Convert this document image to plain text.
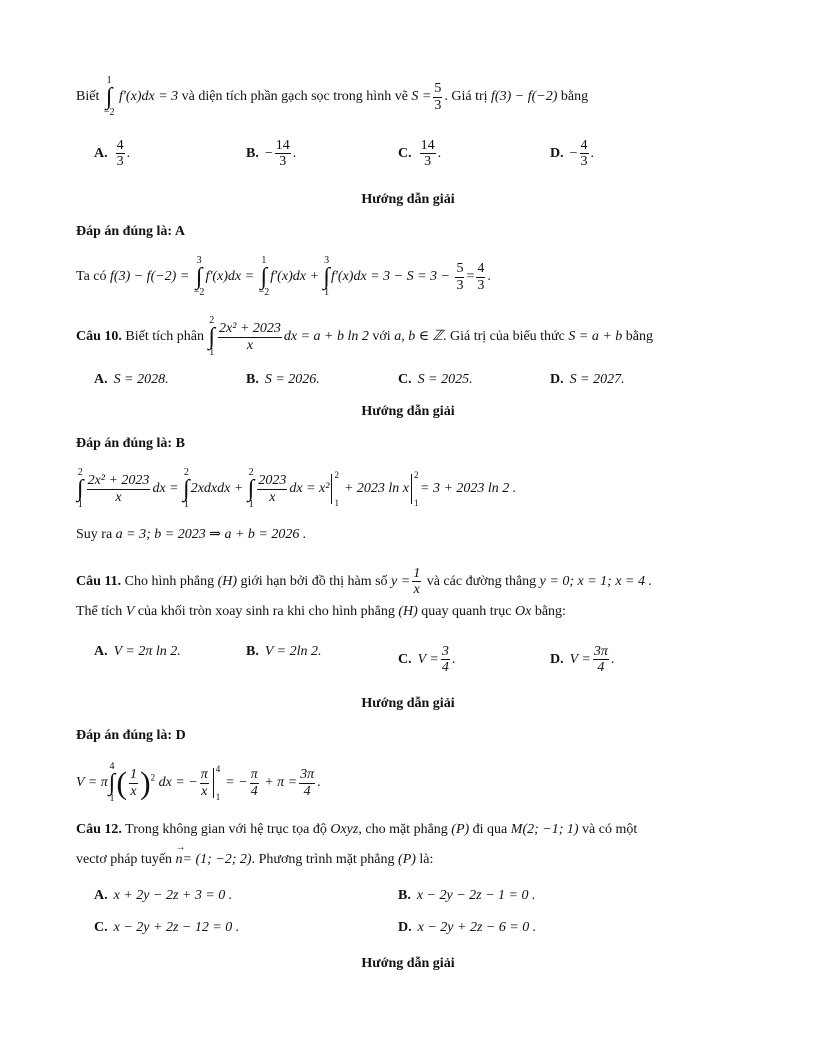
Biết 1
∫
−2 f′(x)dx = 3 và diện tích phần gạch sọc trong hình vẽ $S = \frac{5}{3}$ . Giá trị f(3) − f(−2) bằng
A. $\frac{4}{3}$ .	B. − $\frac{14}{3}$ .	C. $\frac{14}{3}$ .	D. − $\frac{4}{3}$ .
Hướng dẫn giải
Đáp án đúng là: A
Ta có f(3) − f(−2) = 3
∫
−2f′(x)dx = 1
∫
−2f′(x)dx + 3
∫
$1f'(x)dx = 3 - S = 3 - \frac{5}{3} = \frac{4}{3}$ .
Câu 10. Biết tích phân 2
∫
$1 \frac{\text{2x² + 2023}}{x}$ dx = a + b ln 2 với a, b ∈ ℤ. Giá trị của biểu thức S = a + b bằng
A. S = 2028.	B. S = 2026.	C. S = 2025.	D. S = 2027.
Hướng dẫn giải
Đáp án đúng là: B
2
∫
$1 \frac{\text{2x² + 2023}}{x}$ dx = 2
∫
12xdxdx + 2
∫
$1 \frac{2023}{x}$ dx = x²
2
1
+ 2023 ln x
2
1
= 3 + 2023 ln 2 .
Suy ra a = 3; b = 2023 ⇒ a + b = 2026 .
Câu 11. Cho hình phẳng (H) giới hạn bởi đồ thị hàm số $y = \frac{1}{x}$ và các đường thẳng y = 0; x = 1; x = 4 .
Thể tích V của khối tròn xoay sinh ra khi cho hình phẳng (H) quay quanh trục Ox bằng:
A. V = 2π ln 2.	B. V = 2ln 2.
C. $V = \frac{3}{4}$ .	D. $V = \frac{3\pi}{4}$ .
Hướng dẫn giải
Đáp án đúng là: D
V = π4
∫
$1( \frac{1}{x} )^2$ dx = − $\frac{\pi}{x} 4$
1
= − $\frac{\pi}{4} + \pi = \frac{3\pi}{4}$ .
Câu 12. Trong không gian với hệ trục tọa độ Oxyz, cho mặt phẳng (P) đi qua M(2; −1; 1) và có một
vectơ pháp tuyến → n= (1; −2; 2). Phương trình mặt phẳng (P) là:
A. x + 2y − 2z + 3 = 0 .	B. x − 2y − 2z − 1 = 0 .
C. x − 2y + 2z − 12 = 0 .	D. x − 2y + 2z − 6 = 0 .
Hướng dẫn giải
